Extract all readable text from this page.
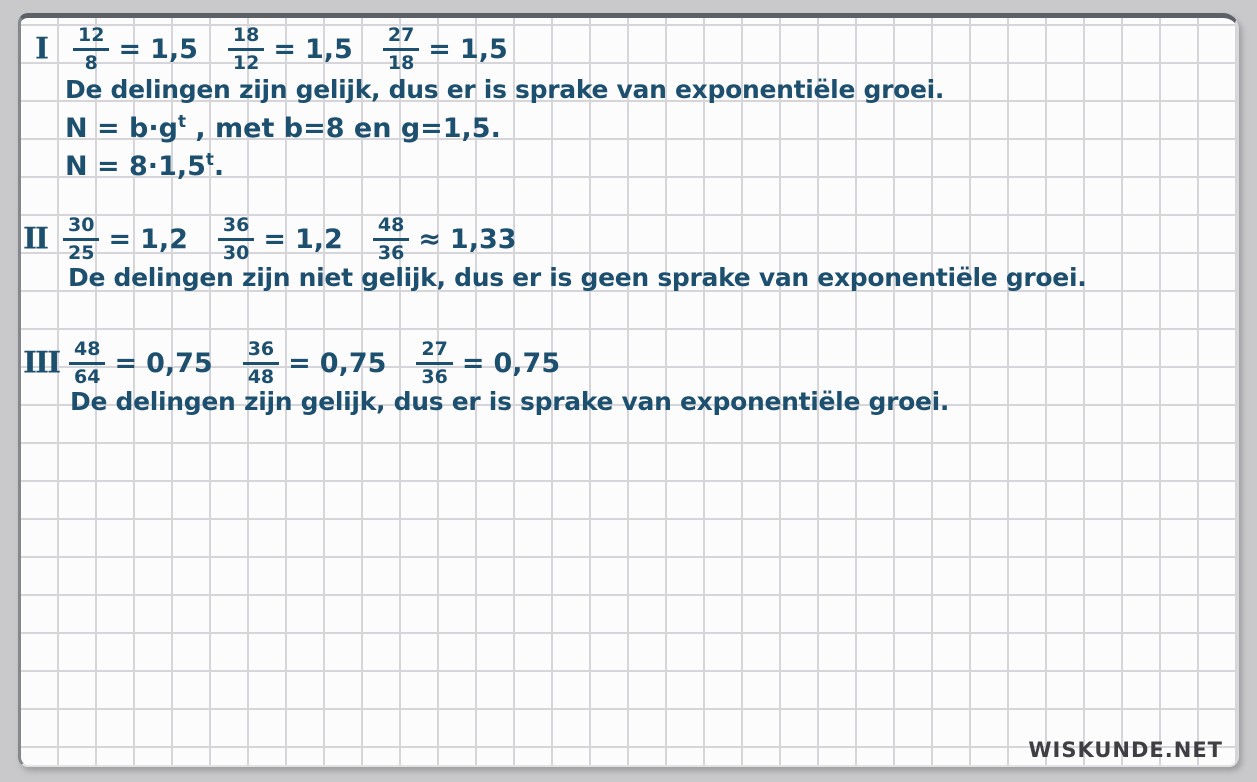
I $\frac{12}{8} = 1,5 \frac{18}{12} = 1,5 \frac{27}{18} = 1,5$
De delingen zijn gelijk, dus er is sprake van exponentiële groei.
$N = b\cdot g^t$ , met b=8 en g=1,5.
$N = 8\cdot 1,5^t$.
II $\frac{30}{25} = 1,2 \frac{36}{30} = 1,2 \frac{48}{36} \approx 1,33$
De delingen zijn niet gelijk, dus er is geen sprake van exponentiële groei.
III $\frac{48}{64} = 0,75 \frac{36}{48} = 0,75 \frac{27}{36} = 0,75$
De delingen zijn gelijk, dus er is sprake van exponentiële groei.
WISKUNDE.NET
